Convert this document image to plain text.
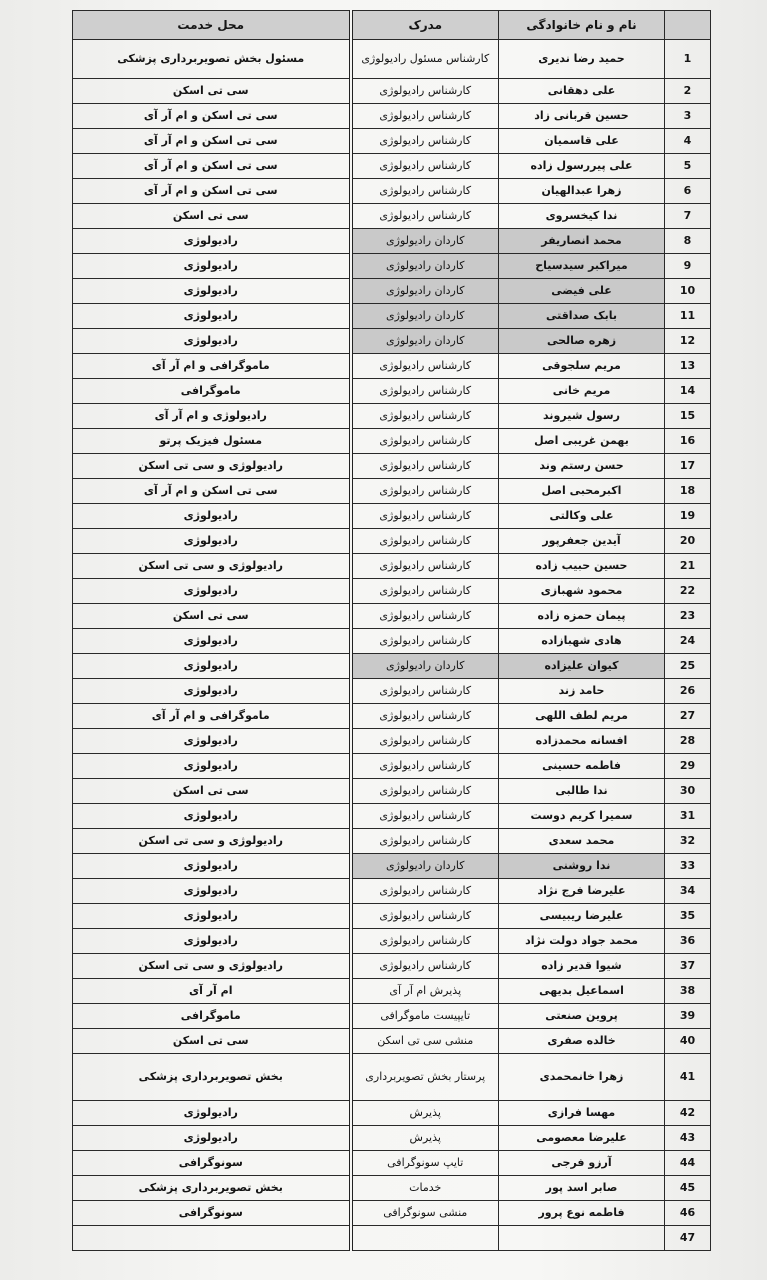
	نام و نام خانوادگی	مدرک	محل خدمت
1	حمید رضا ندیری	کارشناس مسئول رادیولوژی	مسئول بخش تصویربرداری پزشکی
2	علی دهقانی	کارشناس رادیولوژی	سی تی اسکن
3	حسین قربانی زاد	کارشناس رادیولوژی	سی تی اسکن و ام آر آی
4	علی قاسمیان	کارشناس رادیولوژی	سی تی اسکن و ام آر آی
5	علی پیررسول زاده	کارشناس رادیولوژی	سی تی اسکن و ام آر آی
6	زهرا عبدالهیان	کارشناس رادیولوژی	سی تی اسکن و ام آر آی
7	ندا کیخسروی	کارشناس رادیولوژی	سی تی اسکن
8	محمد انصاریفر	کاردان رادیولوژی	رادیولوژی
9	میراکبر سیدسیاح	کاردان رادیولوژی	رادیولوژی
10	علی فیضی	کاردان رادیولوژی	رادیولوژی
11	بابک صداقتی	کاردان رادیولوژی	رادیولوژی
12	زهره صالحی	کاردان رادیولوژی	رادیولوژی
13	مریم سلجوقی	کارشناس رادیولوژی	ماموگرافی و ام آر آی
14	مریم خانی	کارشناس رادیولوژی	ماموگرافی
15	رسول شیروند	کارشناس رادیولوژی	رادیولوژی و ام آر آی
16	بهمن غریبی اصل	کارشناس رادیولوژی	مسئول فیزیک پرتو
17	حسن رستم وند	کارشناس رادیولوژی	رادیولوژی و سی تی اسکن
18	اکبرمحبی اصل	کارشناس رادیولوژی	سی تی اسکن و ام آر آی
19	علی وکالتی	کارشناس رادیولوژی	رادیولوژی
20	آیدین جعفرپور	کارشناس رادیولوژی	رادیولوژی
21	حسین حبیب زاده	کارشناس رادیولوژی	رادیولوژی و سی تی اسکن
22	محمود شهبازی	کارشناس رادیولوژی	رادیولوژی
23	پیمان حمزه زاده	کارشناس رادیولوژی	سی تی اسکن
24	هادی شهبازاده	کارشناس رادیولوژی	رادیولوژی
25	کیوان علیزاده	کاردان رادیولوژی	رادیولوژی
26	حامد زند	کارشناس رادیولوژی	رادیولوژی
27	مریم لطف اللهی	کارشناس رادیولوژی	ماموگرافی و ام آر آی
28	افسانه محمدزاده	کارشناس رادیولوژی	رادیولوژی
29	فاطمه حسینی	کارشناس رادیولوژی	رادیولوژی
30	ندا طالبی	کارشناس رادیولوژی	سی تی اسکن
31	سمیرا کریم دوست	کارشناس رادیولوژی	رادیولوژی
32	محمد سعدی	کارشناس رادیولوژی	رادیولوژی و سی تی اسکن
33	ندا روشنی	کاردان رادیولوژی	رادیولوژی
34	علیرضا فرج نژاد	کارشناس رادیولوژی	رادیولوژی
35	علیرضا ریبیسی	کارشناس رادیولوژی	رادیولوژی
36	محمد جواد دولت نژاد	کارشناس رادیولوژی	رادیولوژی
37	شیوا قدیر زاده	کارشناس رادیولوژی	رادیولوژی و سی تی اسکن
38	اسماعیل بدیهی	پذیرش ام آر آی	ام آر آی
39	پروین صنعتی	تایپیست ماموگرافی	ماموگرافی
40	خالده صفری	منشی سی تی اسکن	سی تی اسکن
41	زهرا خانمحمدی	پرستار بخش تصویربرداری	بخش تصویربرداری پزشکی
42	مهسا فرازی	پذیرش	رادیولوژی
43	علیرضا معصومی	پذیرش	رادیولوژی
44	آرزو فرجی	تایپ سونوگرافی	سونوگرافی
45	صابر اسد پور	خدمات	بخش تصویربرداری پزشکی
46	فاطمه نوع پرور	منشی سونوگرافی	سونوگرافی
47			
